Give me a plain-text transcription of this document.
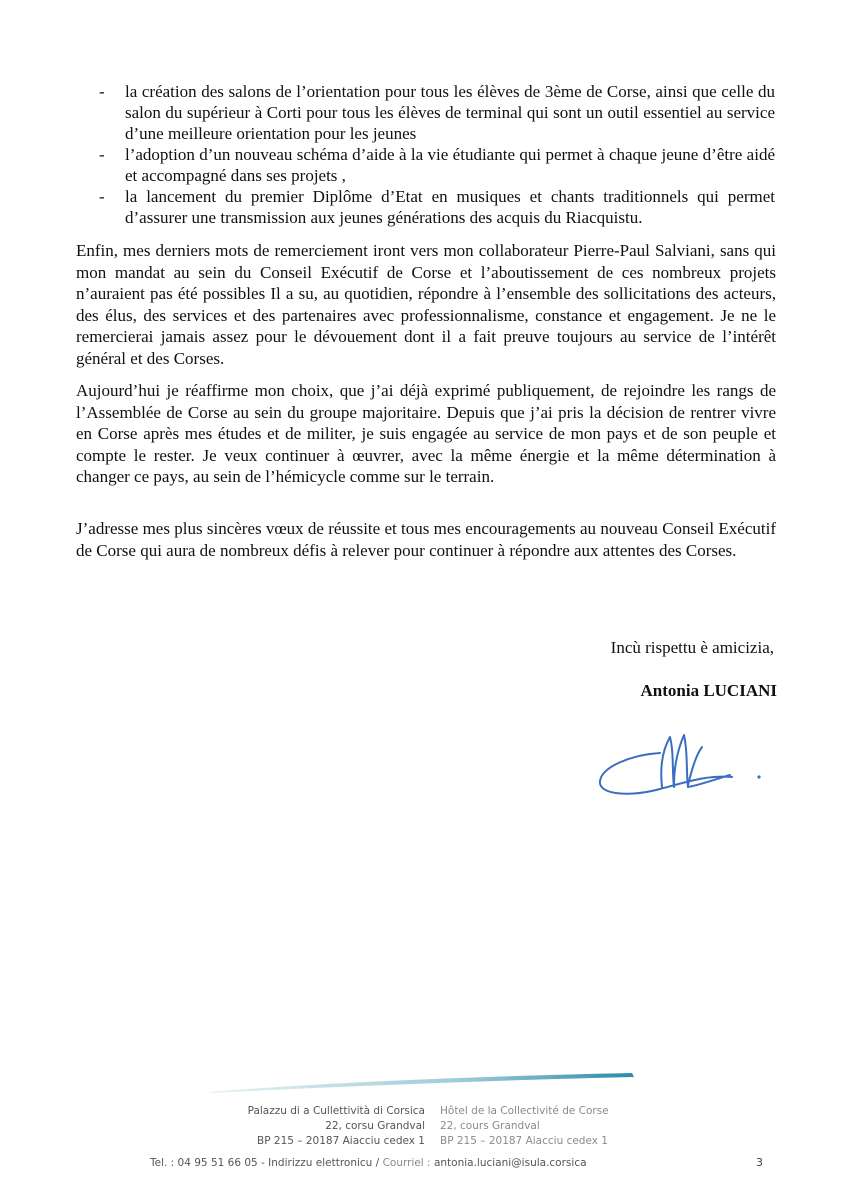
- la création des salons de l’orientation pour tous les élèves de 3ème de Corse, ainsi que celle du salon du supérieur à Corti pour tous les élèves de terminal qui sont un outil essentiel au service d’une meilleure orientation pour les jeunes
- l’adoption d’un nouveau schéma d’aide à la vie étudiante qui permet à chaque jeune d’être aidé et accompagné dans ses projets ,
- la lancement du premier Diplôme d’Etat en musiques et chants traditionnels qui permet d’assurer une transmission aux jeunes générations des acquis du Riacquistu.

Enfin, mes derniers mots de remerciement iront vers mon collaborateur Pierre-Paul Salviani, sans qui mon mandat au sein du Conseil Exécutif de Corse et l’aboutissement de ces nombreux projets n’auraient pas été possibles Il a su, au quotidien, répondre à l’ensemble des sollicitations des acteurs, des élus, des services et des partenaires avec professionnalisme, constance et engagement. Je ne le remercierai jamais assez pour le dévouement dont il a fait preuve toujours au service de l’intérêt général et des Corses.

Aujourd’hui je réaffirme mon choix, que j’ai déjà exprimé publiquement, de rejoindre les rangs de l’Assemblée de Corse au sein du groupe majoritaire. Depuis que j’ai pris la décision de rentrer vivre en Corse après mes études et de militer, je suis engagée au service de mon pays et de son peuple et compte le rester. Je veux continuer à œuvrer, avec la même énergie et la même détermination à changer ce pays, au sein de l’hémicycle comme sur le terrain.

J’adresse mes plus sincères vœux de réussite et tous mes encouragements au nouveau Conseil Exécutif de Corse qui aura de nombreux défis à relever pour continuer à répondre aux attentes des Corses.

Incù rispettu è amicizia,

Antonia LUCIANI

Palazzu di a Cullettività di Corsica
22, corsu Grandval
BP 215 – 20187 Aiacciu cedex 1
Hôtel de la Collectivité de Corse
22, cours Grandval
BP 215 – 20187 Aiacciu cedex 1
Tel. : 04 95 51 66 05 - Indirizzu elettronicu / Courriel : antonia.luciani@isula.corsica	3
